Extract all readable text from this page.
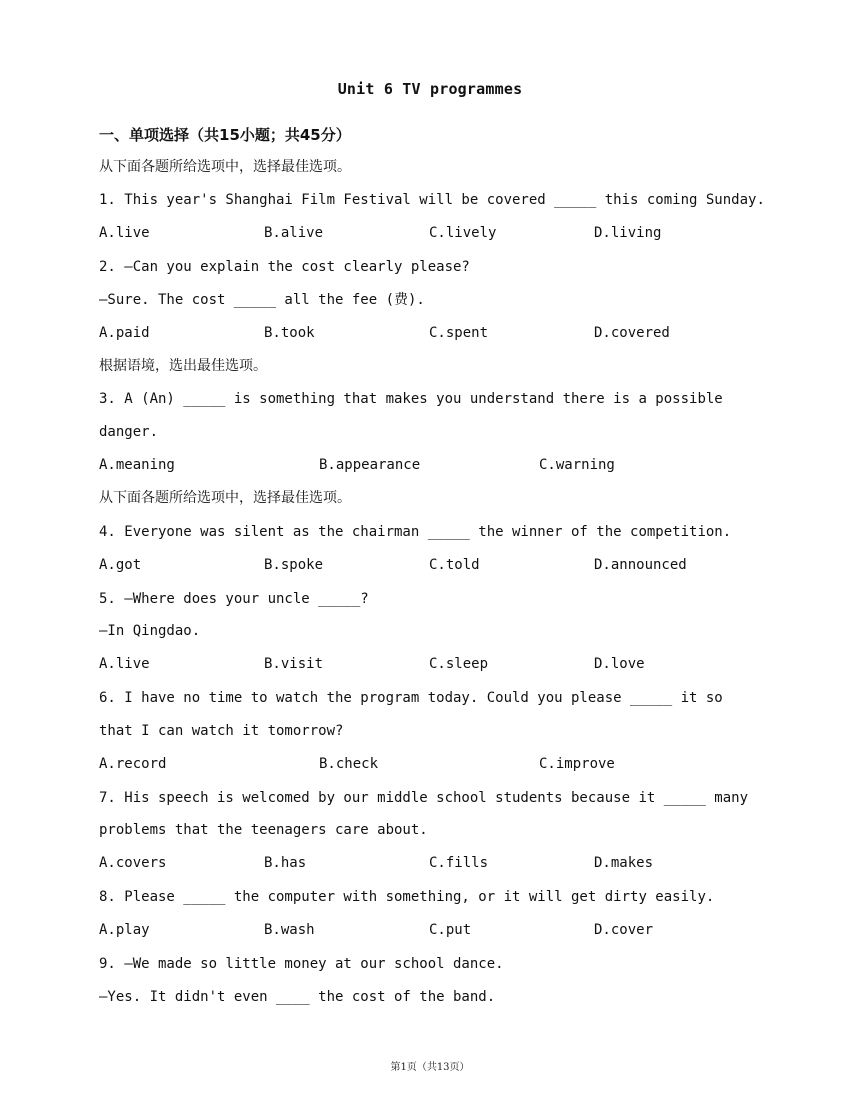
Unit 6 TV programmes
一、单项选择（共15小题；共45分）
从下面各题所给选项中，选择最佳选项。
1. This year's Shanghai Film Festival will be covered _____ this coming Sunday.
A.live	B.alive	C.lively	D.living
2. —Can you explain the cost clearly please?
—Sure. The cost _____ all the fee (费).
A.paid	B.took	C.spent	D.covered
根据语境，选出最佳选项。
3. A (An) _____ is something that makes you understand there is a possible
danger.
A.meaning	B.appearance	C.warning
从下面各题所给选项中，选择最佳选项。
4. Everyone was silent as the chairman _____ the winner of the competition.
A.got	B.spoke	C.told	D.announced
5. —Where does your uncle _____?
—In Qingdao.
A.live	B.visit	C.sleep	D.love
6. I have no time to watch the program today. Could you please _____ it so
that I can watch it tomorrow?
A.record	B.check	C.improve
7. His speech is welcomed by our middle school students because it _____ many
problems that the teenagers care about.
A.covers	B.has	C.fills	D.makes
8. Please _____ the computer with something, or it will get dirty easily.
A.play	B.wash	C.put	D.cover
9. —We made so little money at our school dance.
—Yes. It didn't even ____ the cost of the band.
第1页（共13页）
